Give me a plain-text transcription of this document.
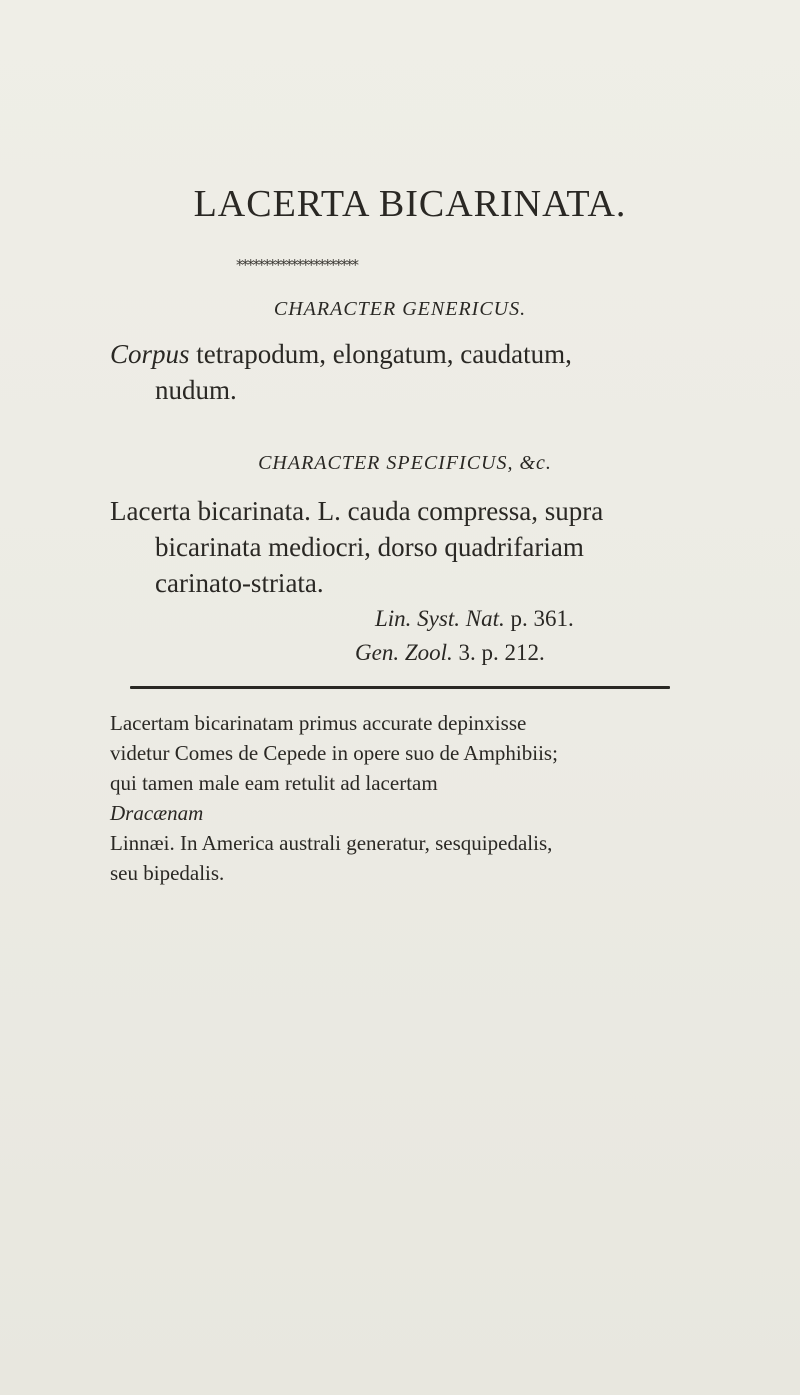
LACERTA BICARINATA.
**********************
CHARACTER GENERICUS.
Corpus tetrapodum, elongatum, caudatum,
nudum.
CHARACTER SPECIFICUS, &c.
Lacerta bicarinata. L. cauda compressa, supra
bicarinata mediocri, dorso quadrifariam
carinato-striata.
Lin. Syst. Nat. p. 361.
Gen. Zool. 3. p. 212.
Lacertam bicarinatam primus accurate depinxisse
videtur Comes de Cepede in opere suo de Amphibiis;
qui tamen male eam retulit ad lacertam
Dracænam
Linnæi. In America australi generatur, sesquipedalis,
seu bipedalis.
